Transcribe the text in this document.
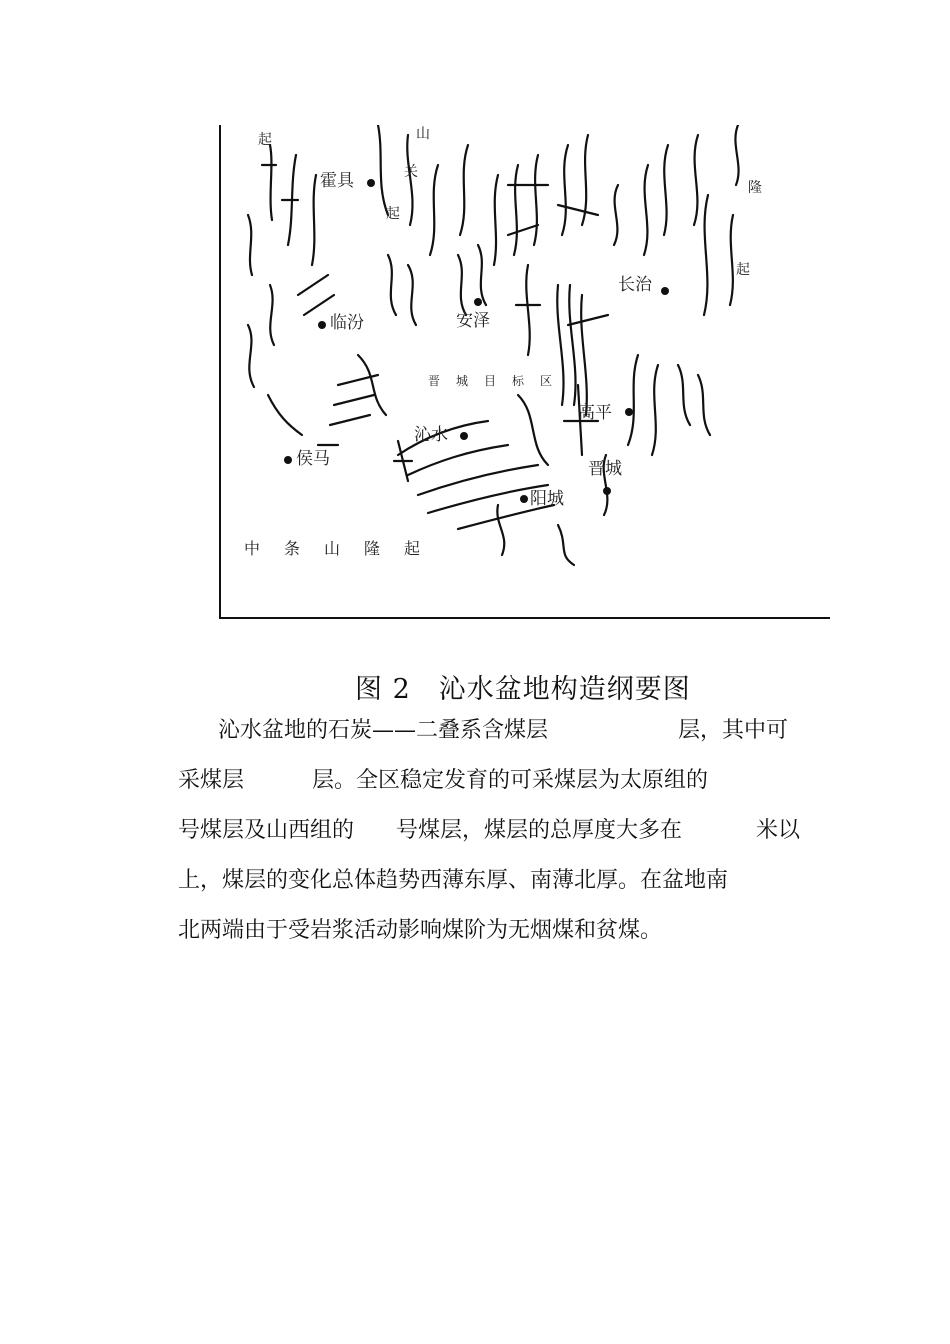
起	山
关
起
霍具	隆
起
长治
临汾	安泽
晋城目标区
高平
沁水
侯马	晋城
阳城
中条山隆起
图 2　沁水盆地构造纲要图
沁水盆地的石炭——二叠系含煤层	层，其中可
采煤层	层。全区稳定发育的可采煤层为太原组的
号煤层及山西组的 号煤层，煤层的总厚度大多在	米以
上，煤层的变化总体趋势西薄东厚、南薄北厚。在盆地南
北两端由于受岩浆活动影响煤阶为无烟煤和贫煤。
